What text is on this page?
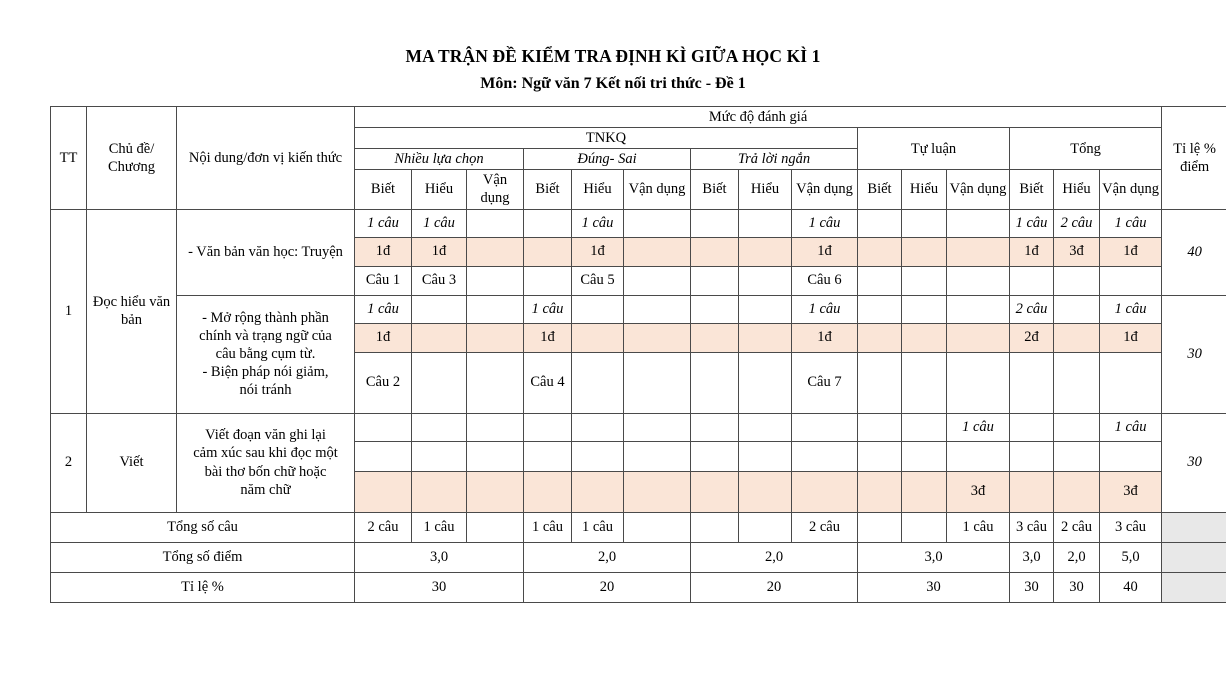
MA TRẬN ĐỀ KIỂM TRA ĐỊNH KÌ GIỮA HỌC KÌ 1
Môn: Ngữ văn 7 Kết nối tri thức - Đề 1
TT	Chủ đề/ Chương	Nội dung/đơn vị kiến thức	Mức độ đánh giá															Tỉ lệ % điểm
			TNKQ									Tự luận			Tổng			
			Nhiều lựa chọn			Đúng- Sai			Trả lời ngắn									
			Biết	Hiểu	Vận dụng	Biết	Hiểu	Vận dụng	Biết	Hiểu	Vận dụng	Biết	Hiểu	Vận dụng	Biết	Hiểu	Vận dụng	
1	Đọc hiểu văn bản	- Văn bản văn học: Truyện	1 câu	1 câu			1 câu				1 câu				1 câu	2 câu	1 câu	40
			1đ	1đ			1đ				1đ				1đ	3đ	1đ	
			Câu 1	Câu 3			Câu 5				Câu 6							

		- Mở rộng thành phần
chính và trạng ngữ của
câu bằng cụm từ.
- Biện pháp nói giảm,
nói tránh	1 câu			1 câu					1 câu				2 câu		1 câu	30
			1đ			1đ					1đ				2đ		1đ	
			Câu 2			Câu 4					Câu 7							
2	Viết	Viết đoạn văn ghi lại
cảm xúc sau khi đọc một
bài thơ bốn chữ hoặc
năm chữ												1 câu			1 câu	30

														3đ			3đ	
Tổng số câu			2 câu	1 câu		1 câu	1 câu				2 câu			1 câu	3 câu	2 câu	3 câu	
Tổng số điểm			3,0			2,0			2,0			3,0			3,0	2,0	5,0	
Tỉ lệ %			30			20			20			30			30	30	40	
